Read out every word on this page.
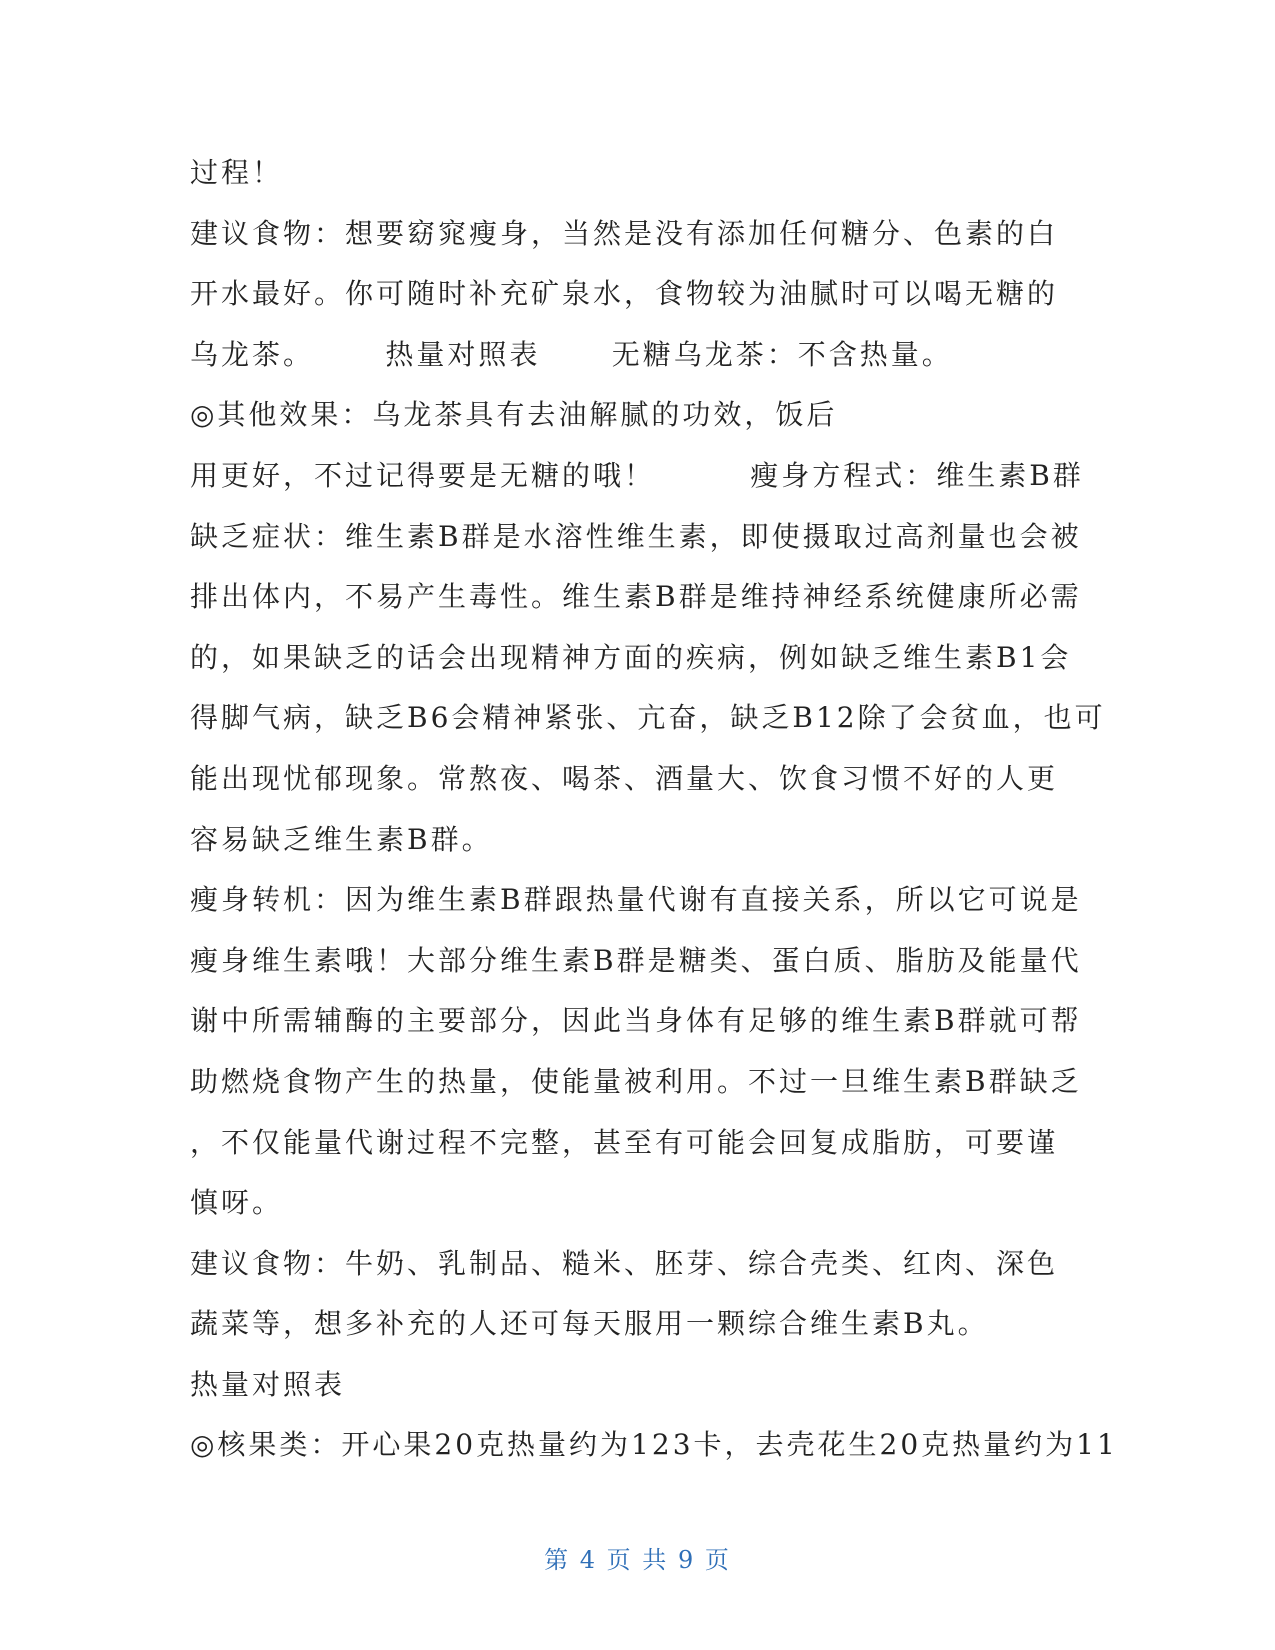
过程！
建议食物：想要窈窕瘦身，当然是没有添加任何糖分、色素的白
开水最好。你可随时补充矿泉水，食物较为油腻时可以喝无糖的
乌龙茶。      热量对照表      无糖乌龙茶：不含热量。
◎其他效果：乌龙茶具有去油解腻的功效，饭后
用更好，不过记得要是无糖的哦！        瘦身方程式：维生素B群
缺乏症状：维生素B群是水溶性维生素，即使摄取过高剂量也会被
排出体内，不易产生毒性。维生素B群是维持神经系统健康所必需
的，如果缺乏的话会出现精神方面的疾病，例如缺乏维生素B1会
得脚气病，缺乏B6会精神紧张、亢奋，缺乏B12除了会贫血，也可
能出现忧郁现象。常熬夜、喝茶、酒量大、饮食习惯不好的人更
容易缺乏维生素B群。
瘦身转机：因为维生素B群跟热量代谢有直接关系，所以它可说是
瘦身维生素哦！大部分维生素B群是糖类、蛋白质、脂肪及能量代
谢中所需辅酶的主要部分，因此当身体有足够的维生素B群就可帮
助燃烧食物产生的热量，使能量被利用。不过一旦维生素B群缺乏
，不仅能量代谢过程不完整，甚至有可能会回复成脂肪，可要谨
慎呀。
建议食物：牛奶、乳制品、糙米、胚芽、综合壳类、红肉、深色
蔬菜等，想多补充的人还可每天服用一颗综合维生素B丸。
热量对照表
◎核果类：开心果20克热量约为123卡，去壳花生20克热量约为11
第 4 页 共 9 页
